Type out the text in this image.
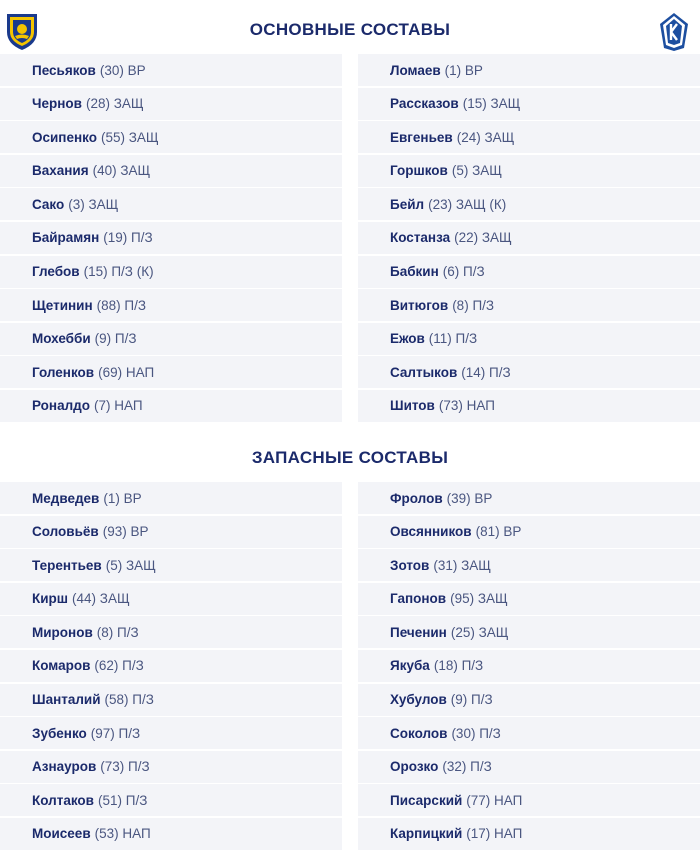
ОСНОВНЫЕ СОСТАВЫ
Песьяков (30) ВР
Чернов (28) ЗАЩ
Осипенко (55) ЗАЩ
Вахания (40) ЗАЩ
Сако (3) ЗАЩ
Байрамян (19) П/З
Глебов (15) П/З (К)
Щетинин (88) П/З
Мохебби (9) П/З
Голенков (69) НАП
Роналдо (7) НАП
Ломаев (1) ВР
Рассказов (15) ЗАЩ
Евгеньев (24) ЗАЩ
Горшков (5) ЗАЩ
Бейл (23) ЗАЩ (К)
Костанза (22) ЗАЩ
Бабкин (6) П/З
Витюгов (8) П/З
Ежов (11) П/З
Салтыков (14) П/З
Шитов (73) НАП
ЗАПАСНЫЕ СОСТАВЫ
Медведев (1) ВР
Соловьёв (93) ВР
Терентьев (5) ЗАЩ
Кирш (44) ЗАЩ
Миронов (8) П/З
Комаров (62) П/З
Шанталий (58) П/З
Зубенко (97) П/З
Азнауров (73) П/З
Колтаков (51) П/З
Моисеев (53) НАП
Фролов (39) ВР
Овсянников (81) ВР
Зотов (31) ЗАЩ
Гапонов (95) ЗАЩ
Печенин (25) ЗАЩ
Якуба (18) П/З
Хубулов (9) П/З
Соколов (30) П/З
Орозко (32) П/З
Писарский (77) НАП
Карпицкий (17) НАП
